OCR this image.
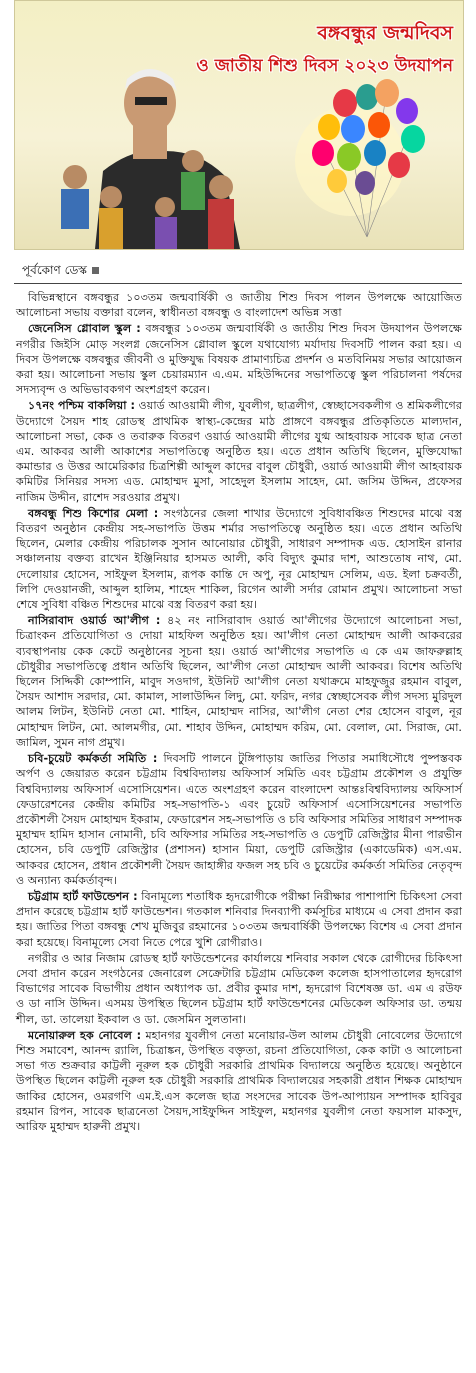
বঙ্গবন্ধুর জন্মদিবস
ও জাতীয় শিশু দিবস ২০২৩ উদযাপন
পূর্বকোণ ডেস্ক

বিভিন্নস্থানে বঙ্গবন্ধুর ১০৩তম জন্মবার্ষিকী ও জাতীয় শিশু দিবস পালন উপলক্ষে আয়োজিত আলোচনা সভায় বক্তারা বলেন, স্বাধীনতা বঙ্গবন্ধু ও বাংলাদেশ অভিন্ন সত্তা

জেনেসিস গ্লোবাল স্কুল : বঙ্গবন্ধুর ১০৩তম জন্মবার্ষিকী ও জাতীয় শিশু দিবস উদযাপন উপলক্ষে নগরীর জিইসি মোড় সংলগ্ন জেনেসিস গ্লোবাল স্কুলে যথাযোগ্য মর্যাদায় দিবসটি পালন করা হয়। এ দিবস উপলক্ষে বঙ্গবন্ধুর জীবনী ও মুক্তিযুদ্ধ বিষয়ক প্রামাণ্যচিত্র প্রদর্শন ও মতবিনিময় সভার আয়োজন করা হয়। আলোচনা সভায় স্কুল চেয়ারম্যান এ.এম. মহিউদ্দিনের সভাপতিত্বে স্কুল পরিচালনা পর্ষদের সদস্যবৃন্দ ও অভিভাবকগণ অংশগ্রহণ করেন।

১৭নং পশ্চিম বাকলিয়া : ওয়ার্ড আওয়ামী লীগ, যুবলীগ, ছাত্রলীগ, স্বেচ্ছাসেবকলীগ ও শ্রমিকলীগের উদ্যোগে সৈয়দ শাহ রোডস্থ প্রাথমিক স্বাস্থ্য-কেন্দ্রের মাঠ প্রাঙ্গণে বঙ্গবন্ধুর প্রতিকৃতিতে মাল্যদান, আলোচনা সভা, কেক ও তবারুক বিতরণ ওয়ার্ড আওয়ামী লীগের যুগ্ম আহবায়ক সাবেক ছাত্র নেতা এম. আকবর আলী আকাশের সভাপতিত্বে অনুষ্ঠিত হয়। এতে প্রধান অতিথি ছিলেন, মুক্তিযোদ্ধা কমান্ডার ও উত্তর আমেরিকার চিত্রশিল্পী আব্দুল কাদের বাবুল চৌধুরী, ওয়ার্ড আওয়ামী লীগ আহবায়ক কমিটির সিনিয়র সদস্য এড. মোহাম্মদ মুসা, সাহেদুল ইসলাম সাহেদ, মো. জসিম উদ্দিন, প্রফেসর নাজিম উদ্দীন, রাশেদ সরওয়ার প্রমুখ।

বঙ্গবন্ধু শিশু কিশোর মেলা : সংগঠনের জেলা শাখার উদ্যোগে সুবিধাবঞ্চিত শিশুদের মাঝে বস্ত্র বিতরণ অনুষ্ঠান কেন্দ্রীয় সহ-সভাপতি উত্তম শর্মার সভাপতিত্বে অনুষ্ঠিত হয়। এতে প্রধান অতিথি ছিলেন, মেলার কেন্দ্রীয় পরিচালক সুসান আনোয়ার চৌধুরী, সাধারণ সম্পাদক এড. হোসাইন রানার সঞ্চালনায় বক্তব্য রাখেন ইঞ্জিনিয়ার হাসমত আলী, কবি বিদ্যুৎ কুমার দাশ, আশুতোষ নাথ, মো. দেলোয়ার হোসেন, সাইফুল ইসলাম, রূপক কান্তি দে অপু, নূর মোহাম্মদ সেলিম, এড. ইলা চক্রবর্তী, লিপি দেওয়ানজী, আব্দুল হালিম, শাহেদ শাকিল, রিগেন আলী সর্দার রোমান প্রমুখ। আলোচনা সভা শেষে সুবিধা বঞ্চিত শিশুদের মাঝে বস্ত্র বিতরণ করা হয়।

নাসিরাবাদ ওয়ার্ড আ'লীগ : ৪২ নং নাসিরাবাদ ওয়ার্ড আ'লীগের উদ্যোগে আলোচনা সভা, চিত্রাংকন প্রতিযোগিতা ও দোয়া মাহফিল অনুষ্ঠিত হয়। আ'লীগ নেতা মোহাম্মদ আলী আকবরের ব্যবস্থাপনায় কেক কেটে অনুষ্ঠানের সূচনা হয়। ওয়ার্ড আ'লীগের সভাপতি এ কে এম জাফরুল্লাহ চৌধুরীর সভাপতিত্বে প্রধান অতিথি ছিলেন, আ'লীগ নেতা মোহাম্মদ আলী আকবর। বিশেষ অতিথি ছিলেন সিদ্দিকী কোম্পানি, মাবুদ সওদাগ, ইউনিট আ'লীগ নেতা যথাক্রমে মাহফুজুর রহমান বাবুল, সৈয়দ আশাদ সরদার, মো. কামাল, সালাউদ্দিন লিদু, মো. ফরিদ, নগর স্বেচ্ছাসেবক লীগ সদস্য মুরিদুল আলম লিটন, ইউনিট নেতা মো. শাহিন, মোহাম্মদ নাসির, আ'লীগ নেতা শের হোসেন বাবুল, নূর মোহাম্মদ লিটন, মো. আলমগীর, মো. শাহাব উদ্দিন, মোহাম্মদ করিম, মো. বেলাল, মো. সিরাজ, মো. জামিল, সুমন নাগ প্রমুখ।

চবি-চুয়েট কর্মকর্তা সমিতি : দিবসটি পালনে টুঙ্গিপাড়ায় জাতির পিতার সমাধিসৌধে পুষ্পস্তবক অর্পণ ও জেয়ারত করেন চট্টগ্রাম বিশ্ববিদ্যালয় অফিসার্স সমিতি এবং চট্টগ্রাম প্রকৌশল ও প্রযুক্তি বিশ্ববিদ্যালয় অফিসার্স এসোসিয়েশন। এতে অংশগ্রহণ করেন বাংলাদেশ আন্তঃবিশ্ববিদ্যালয় অফিসার্স ফেডারেশনের কেন্দ্রীয় কমিটির সহ-সভাপতি-১ এবং চুয়েট অফিসার্স এসোসিয়েশনের সভাপতি প্রকৌশলী সৈয়দ মোহাম্মদ ইকরাম, ফেডারেশন সহ-সভাপতি ও চবি অফিসার সমিতির সাধারণ সম্পাদক মুহাম্মদ হামিদ হাসান নোমানী, চবি অফিসার সমিতির সহ-সভাপতি ও ডেপুটি রেজিস্ট্রার মীনা পারভীন হোসেন, চবি ডেপুটি রেজিস্ট্রার (প্রশাসন) হাসান মিয়া, ডেপুটি রেজিস্ট্রার (একাডেমিক) এস.এম. আকবর হোসেন, প্রধান প্রকৌশলী সৈয়দ জাহাঙ্গীর ফজল সহ চবি ও চুয়েটের কর্মকর্তা সমিতির নেতৃবৃন্দ ও অন্যান্য কর্মকর্তাবৃন্দ।

চট্টগ্রাম হার্ট ফাউন্ডেশন : বিনামূল্যে শতাধিক হৃদরোগীকে পরীক্ষা নিরীক্ষার পাশাপাশি চিকিৎসা সেবা প্রদান করেছে চট্টগ্রাম হার্ট ফাউন্ডেশন। গতকাল শনিবার দিনব্যাপী কর্মসূচির মাধ্যমে এ সেবা প্রদান করা হয়। জাতির পিতা বঙ্গবন্ধু শেখ মুজিবুর রহমানের ১০৩তম জন্মবার্ষিকী উপলক্ষ্যে বিশেষ এ সেবা প্রদান করা হয়েছে। বিনামূল্যে সেবা নিতে পেরে খুশি রোগীরাও।

নগরীর ও আর নিজাম রোডস্থ হার্ট ফাউন্ডেশনের কার্যালয়ে শনিবার সকাল থেকে রোগীদের চিকিৎসা সেবা প্রদান করেন সংগঠনের জেনারেল সেক্রেটারি চট্টগ্রাম মেডিকেল কলেজ হাসপাতালের হৃদরোগ বিভাগের সাবেক বিভাগীয় প্রধান অধ্যাপক ডা. প্রবীর কুমার দাশ, হৃদরোগ বিশেষজ্ঞ ডা. এম এ রউফ ও ডা নাসি উদ্দিন। এসময় উপস্থিত ছিলেন চট্টগ্রাম হার্ট ফাউন্ডেশনের মেডিকেল অফিসার ডা. তন্ময় শীল, ডা. তালেয়া ইকবাল ও ডা. জেসমিন সুলতানা।

মনোয়ারুল হক নোবেল : মহানগর যুবলীগ নেতা মনোয়ার-উল আলম চৌধুরী নোবেলের উদ্যোগে শিশু সমাবেশ, আনন্দ র‌্যালি, চিত্রাঙ্কন, উপস্থিত বক্তৃতা, রচনা প্রতিযোগিতা, কেক কাটা ও আলোচনা সভা গত শুক্রবার কাট্টলী নূরুল হক চৌধুরী সরকারি প্রাথমিক বিদ্যালয়ে অনুষ্ঠিত হয়েছে। অনুষ্ঠানে উপস্থিত ছিলেন কাট্টলী নূরুল হক চৌধুরী সরকারি প্রাথমিক বিদ্যালয়ের সহকারী প্রধান শিক্ষক মোহাম্মদ জাকির হোসেন, ওমরগণি এম.ই.এস কলেজ ছাত্র সংসদের সাবেক উপ-আপ্যায়ন সম্পাদক হাবিবুর রহমান রিপন, সাবেক ছাত্রনেতা সৈয়দ,সাইফুদ্দিন সাইফুল, মহানগর যুবলীগ নেতা ফয়সাল মাকসুদ, আরিফ মুহাম্মদ হারুনী প্রমুখ।
